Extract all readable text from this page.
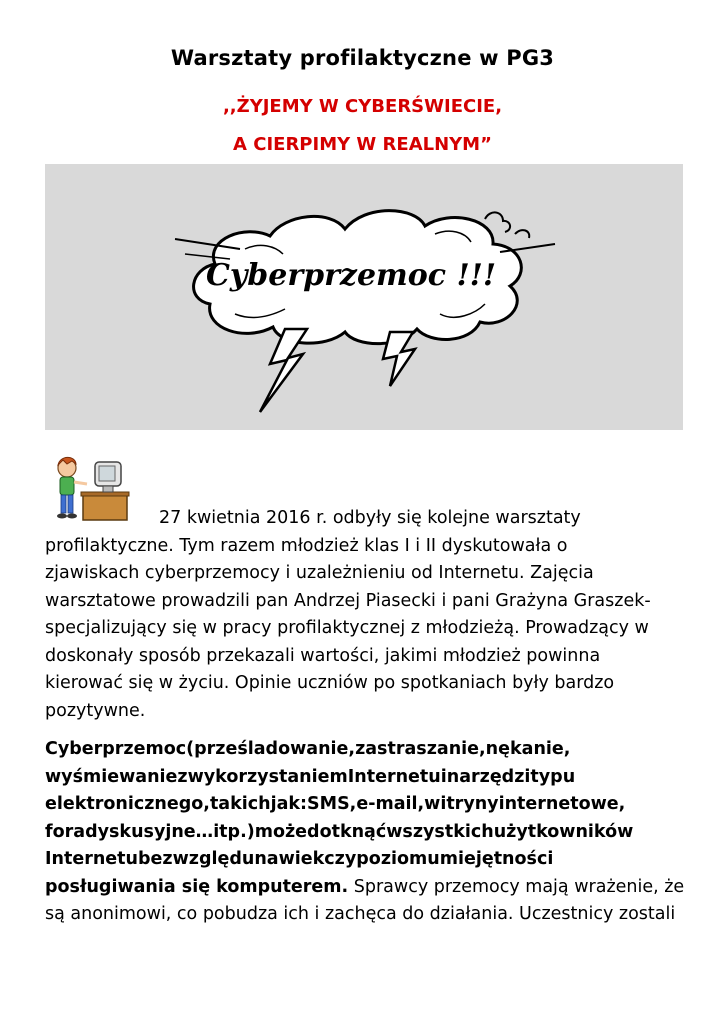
Warsztaty profilaktyczne w PG3
,,ŻYJEMY W CYBERŚWIECIE,
A CIERPIMY W REALNYM”
Cyberprzemoc !!!
27 kwietnia 2016 r. odbyły się kolejne warsztaty
profilaktyczne. Tym razem młodzież klas I i II dyskutowała o
zjawiskach cyberprzemocy i uzależnieniu od Internetu. Zajęcia
warsztatowe prowadzili pan Andrzej Piasecki i pani Grażyna Graszek-
specjalizujący się w pracy profilaktycznej z młodzieżą. Prowadzący w
doskonały sposób przekazali wartości, jakimi młodzież powinna
kierować się w życiu. Opinie uczniów po spotkaniach były bardzo
pozytywne.
Cyberprzemoc(prześladowanie,zastraszanie,nękanie,
wyśmiewaniezwykorzystaniemInternetuinarzędzitypu
elektronicznego,takichjak:SMS,e-mail,witrynyinternetowe,
foradyskusyjne…itp.)możedotknąćwszystkichużytkowników
Internetubezwzględunawiekczypoziomumiejętności
posługiwania się komputerem. Sprawcy przemocy mają wrażenie, że
są anonimowi, co pobudza ich i zachęca do działania. Uczestnicy zostali
